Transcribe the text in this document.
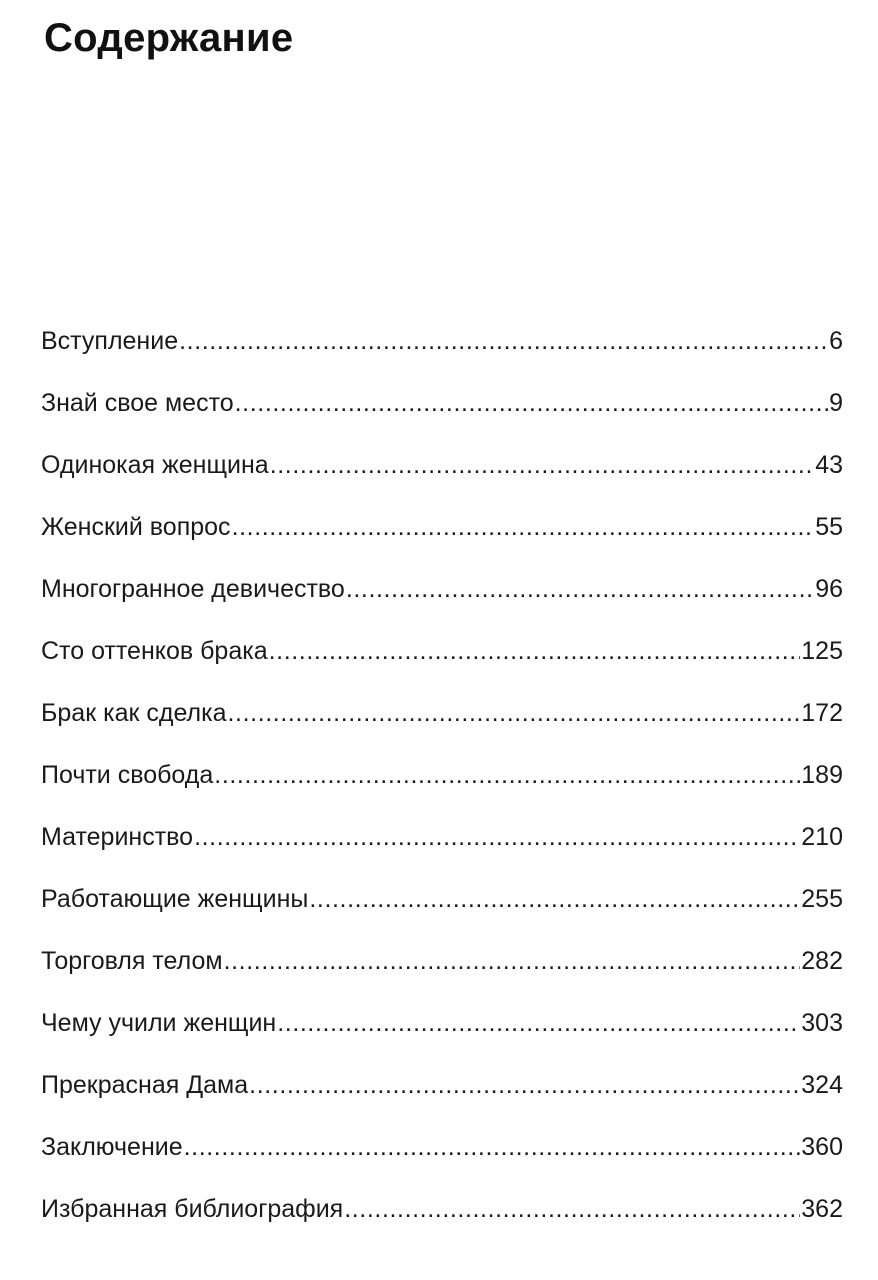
Содержание
Вступление .....	6
Знай свое место .....	9
Одинокая женщина .....	43
Женский вопрос .....	55
Многогранное девичество .....	96
Сто оттенков брака .....	125
Брак как сделка .....	172
Почти свобода .....	189
Материнство .....	210
Работающие женщины .....	255
Торговля телом .....	282
Чему учили женщин .....	303
Прекрасная Дама .....	324
Заключение .....	360
Избранная библиография .....	362
